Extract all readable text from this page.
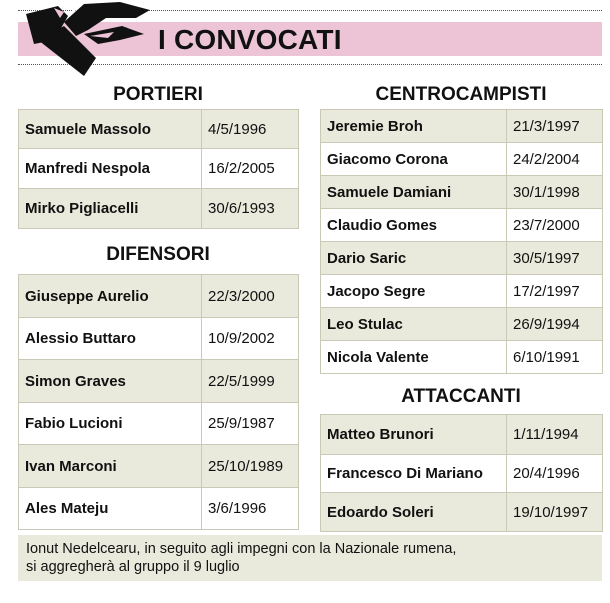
I CONVOCATI
PORTIERI
Samuele Massolo	4/5/1996
Manfredi Nespola	16/2/2005
Mirko Pigliacelli	30/6/1993
DIFENSORI
Giuseppe Aurelio	22/3/2000
Alessio Buttaro	10/9/2002
Simon Graves	22/5/1999
Fabio Lucioni	25/9/1987
Ivan Marconi	25/10/1989
Ales Mateju	3/6/1996
CENTROCAMPISTI
Jeremie Broh	21/3/1997
Giacomo Corona	24/2/2004
Samuele Damiani	30/1/1998
Claudio Gomes	23/7/2000
Dario Saric	30/5/1997
Jacopo Segre	17/2/1997
Leo Stulac	26/9/1994
Nicola Valente	6/10/1991
ATTACCANTI
Matteo Brunori	1/11/1994
Francesco Di Mariano	20/4/1996
Edoardo Soleri	19/10/1997
Ionut Nedelcearu, in seguito agli impegni con la Nazionale rumena,
si aggregherà al gruppo il 9 luglio
